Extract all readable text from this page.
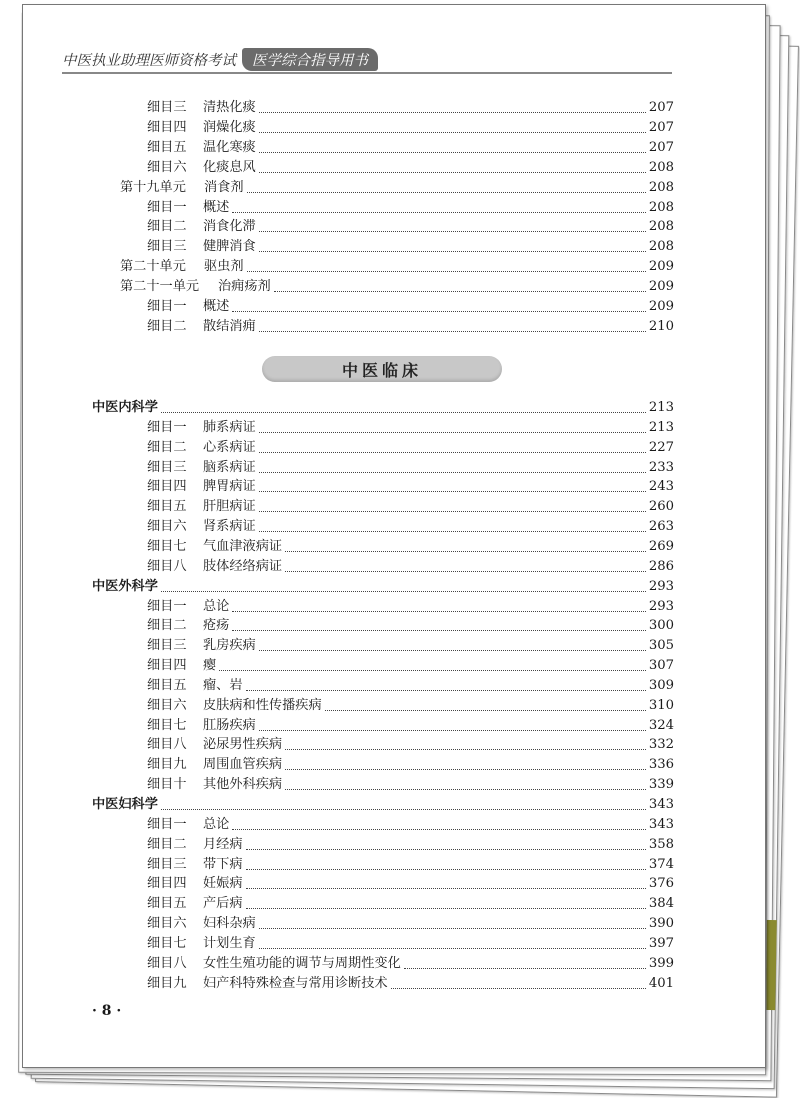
中医执业助理医师资格考试	医学综合指导用书
细目三	清热化痰	207
细目四	润燥化痰	207
细目五	温化寒痰	207
细目六	化痰息风	208
第十九单元	消食剂	208
细目一	概述	208
细目二	消食化滞	208
细目三	健脾消食	208
第二十单元	驱虫剂	209
第二十一单元	治痈疡剂	209
细目一	概述	209
细目二	散结消痈	210
中医内科学	213
细目一	肺系病证	213
细目二	心系病证	227
细目三	脑系病证	233
细目四	脾胃病证	243
细目五	肝胆病证	260
细目六	肾系病证	263
细目七	气血津液病证	269
细目八	肢体经络病证	286
中医外科学	293
细目一	总论	293
细目二	疮疡	300
细目三	乳房疾病	305
细目四	瘿	307
细目五	瘤、岩	309
细目六	皮肤病和性传播疾病	310
细目七	肛肠疾病	324
细目八	泌尿男性疾病	332
细目九	周围血管疾病	336
细目十	其他外科疾病	339
中医妇科学	343
细目一	总论	343
细目二	月经病	358
细目三	带下病	374
细目四	妊娠病	376
细目五	产后病	384
细目六	妇科杂病	390
细目七	计划生育	397
细目八	女性生殖功能的调节与周期性变化	399
细目九	妇产科特殊检查与常用诊断技术	401
中医临床
· 8 ·
